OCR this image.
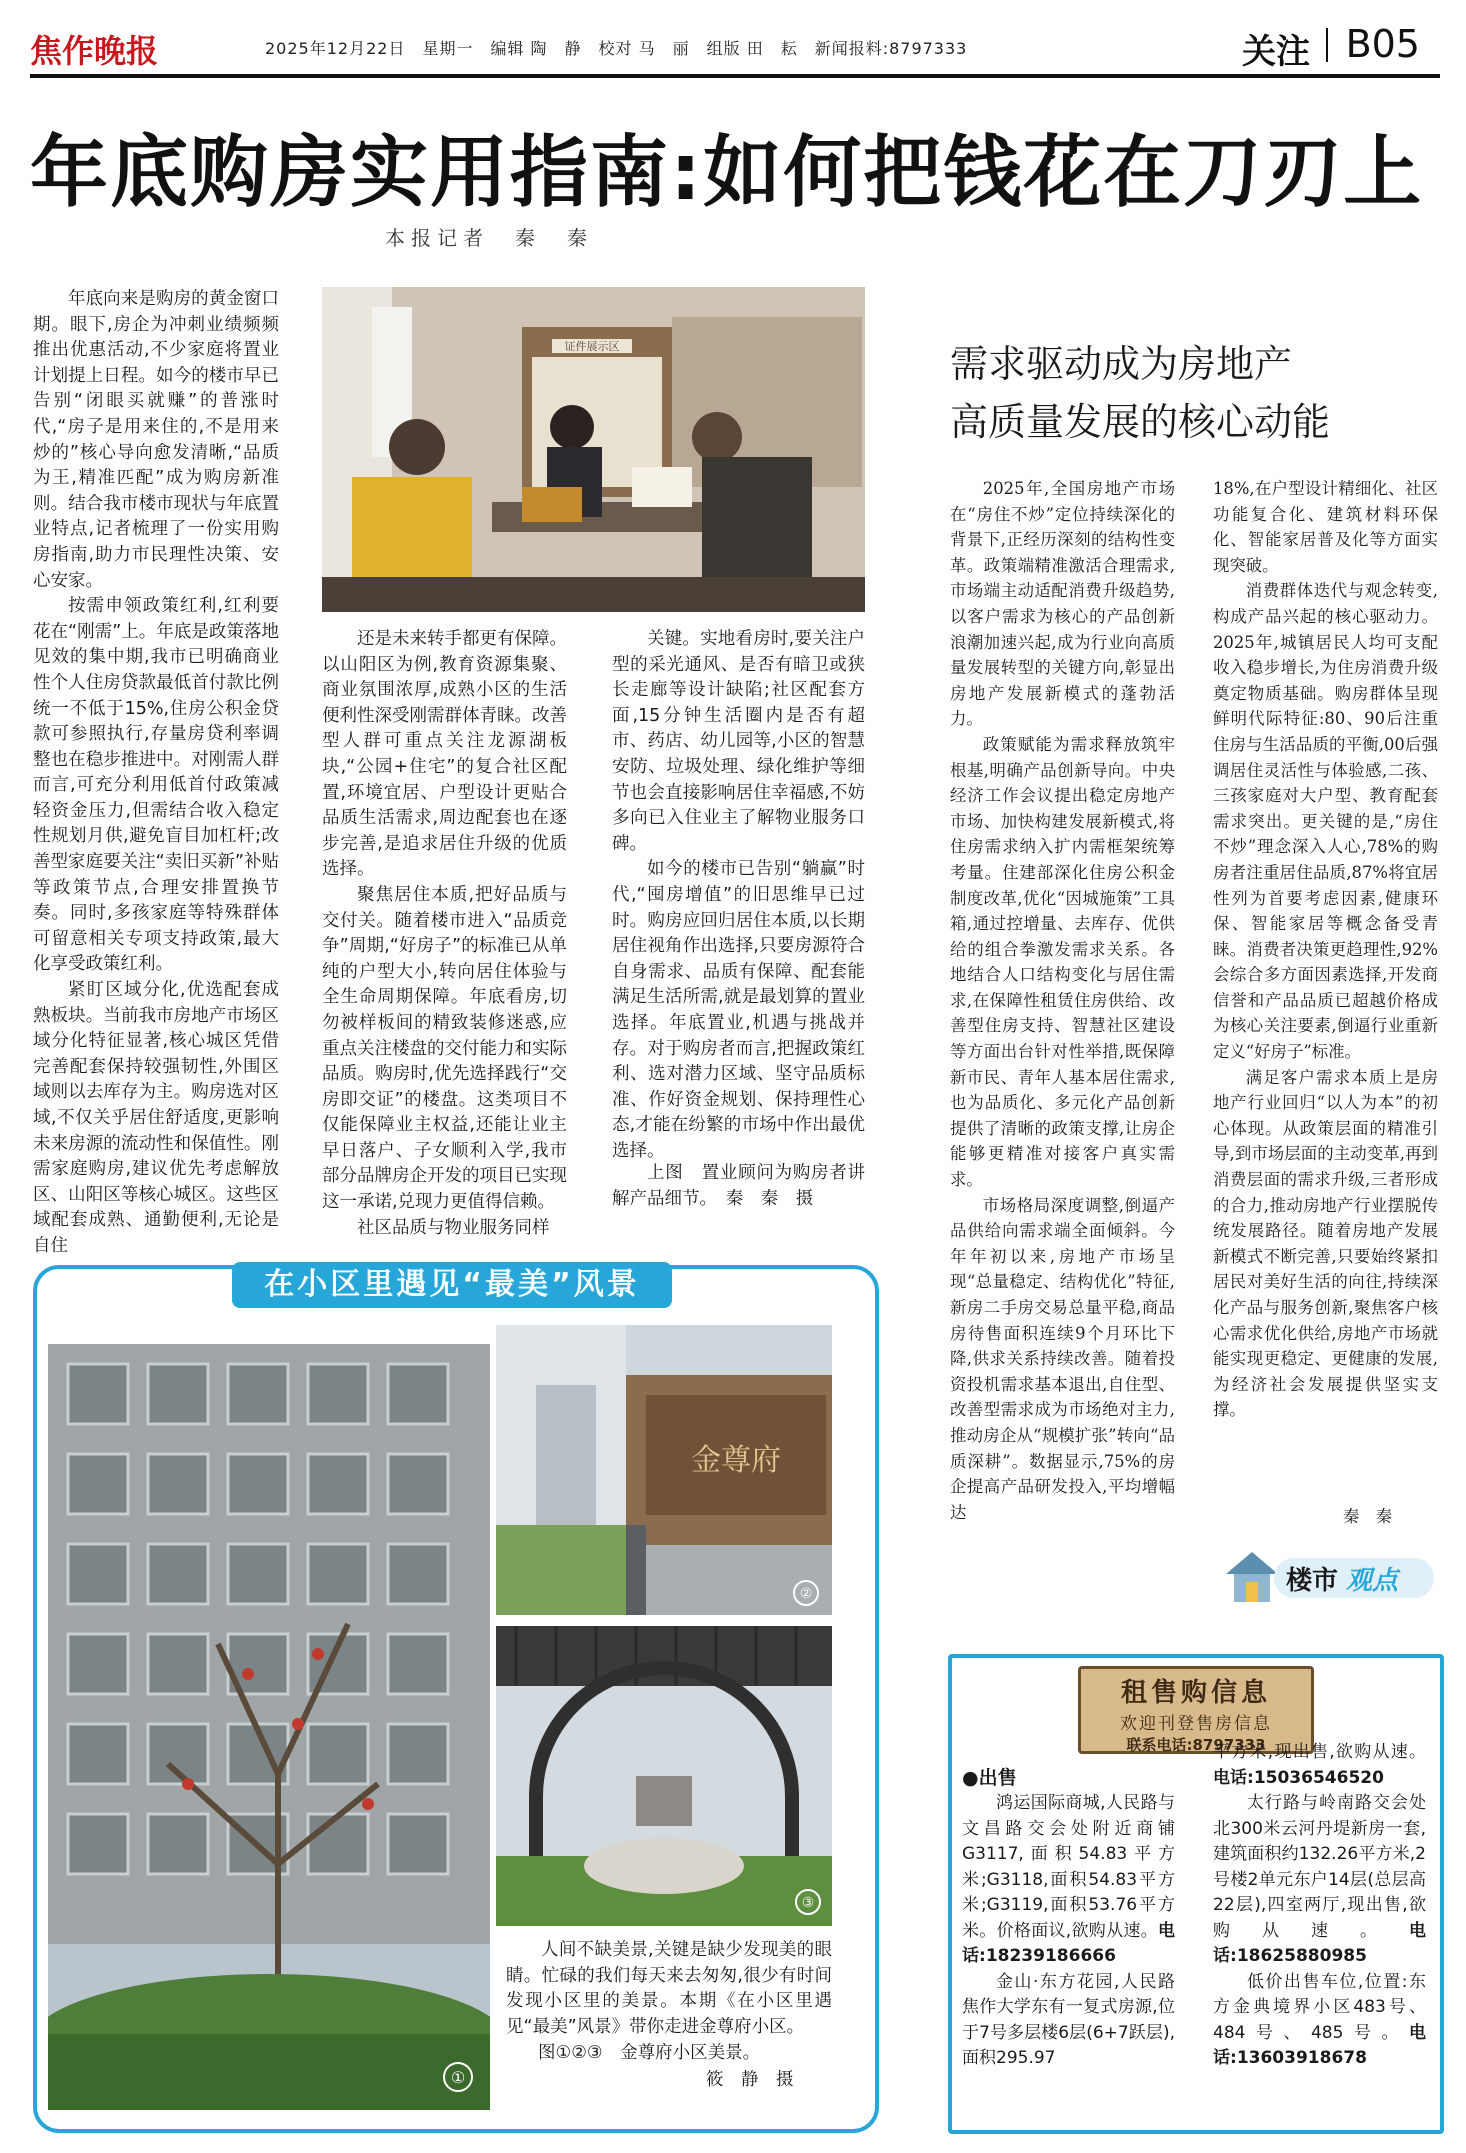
焦作晚报	2025年12月22日　星期一　编辑 陶　静　校对 马　丽　组版 田　耘　新闻报料:8797333	关注 B05
年底购房实用指南:如何把钱花在刀刃上
本报记者　秦　秦

年底向来是购房的黄金窗口期。眼下,房企为冲刺业绩频频推出优惠活动,不少家庭将置业计划提上日程。如今的楼市早已告别“闭眼买就赚”的普涨时代,“房子是用来住的,不是用来炒的”核心导向愈发清晰,“品质为王,精准匹配”成为购房新准则。结合我市楼市现状与年底置业特点,记者梳理了一份实用购房指南,助力市民理性决策、安心安家。

按需申领政策红利,红利要花在“刚需”上。年底是政策落地见效的集中期,我市已明确商业性个人住房贷款最低首付款比例统一不低于15%,住房公积金贷款可参照执行,存量房贷利率调整也在稳步推进中。对刚需人群而言,可充分利用低首付政策减轻资金压力,但需结合收入稳定性规划月供,避免盲目加杠杆;改善型家庭要关注“卖旧买新”补贴等政策节点,合理安排置换节奏。同时,多孩家庭等特殊群体可留意相关专项支持政策,最大化享受政策红利。

紧盯区域分化,优选配套成熟板块。当前我市房地产市场区域分化特征显著,核心城区凭借完善配套保持较强韧性,外围区域则以去库存为主。购房选对区域,不仅关乎居住舒适度,更影响未来房源的流动性和保值性。刚需家庭购房,建议优先考虑解放区、山阳区等核心城区。这些区域配套成熟、通勤便利,无论是自住

还是未来转手都更有保障。以山阳区为例,教育资源集聚、商业氛围浓厚,成熟小区的生活便利性深受刚需群体青睐。改善型人群可重点关注龙源湖板块,“公园+住宅”的复合社区配置,环境宜居、户型设计更贴合品质生活需求,周边配套也在逐步完善,是追求居住升级的优质选择。

聚焦居住本质,把好品质与交付关。随着楼市进入“品质竞争”周期,“好房子”的标准已从单纯的户型大小,转向居住体验与全生命周期保障。年底看房,切勿被样板间的精致装修迷惑,应重点关注楼盘的交付能力和实际品质。购房时,优先选择践行“交房即交证”的楼盘。这类项目不仅能保障业主权益,还能让业主早日落户、子女顺利入学,我市部分品牌房企开发的项目已实现这一承诺,兑现力更值得信赖。

社区品质与物业服务同样

关键。实地看房时,要关注户型的采光通风、是否有暗卫或狭长走廊等设计缺陷;社区配套方面,15分钟生活圈内是否有超市、药店、幼儿园等,小区的智慧安防、垃圾处理、绿化维护等细节也会直接影响居住幸福感,不妨多向已入住业主了解物业服务口碑。

如今的楼市已告别“躺赢”时代,“囤房增值”的旧思维早已过时。购房应回归居住本质,以长期居住视角作出选择,只要房源符合自身需求、品质有保障、配套能满足生活所需,就是最划算的置业选择。年底置业,机遇与挑战并存。对于购房者而言,把握政策红利、选对潜力区域、坚守品质标准、作好资金规划、保持理性心态,才能在纷繁的市场中作出最优选择。

上图　置业顾问为购房者讲解产品细节。　秦　秦　摄
证件展示区	需求驱动成为房地产
高质量发展的核心动能

2025年,全国房地产市场在“房住不炒”定位持续深化的背景下,正经历深刻的结构性变革。政策端精准激活合理需求,市场端主动适配消费升级趋势,以客户需求为核心的产品创新浪潮加速兴起,成为行业向高质量发展转型的关键方向,彰显出房地产发展新模式的蓬勃活力。

政策赋能为需求释放筑牢根基,明确产品创新导向。中央经济工作会议提出稳定房地产市场、加快构建发展新模式,将住房需求纳入扩内需框架统筹考量。住建部深化住房公积金制度改革,优化“因城施策”工具箱,通过控增量、去库存、优供给的组合拳激发需求关系。各地结合人口结构变化与居住需求,在保障性租赁住房供给、改善型住房支持、智慧社区建设等方面出台针对性举措,既保障新市民、青年人基本居住需求,也为品质化、多元化产品创新提供了清晰的政策支撑,让房企能够更精准对接客户真实需求。

市场格局深度调整,倒逼产品供给向需求端全面倾斜。今年年初以来,房地产市场呈现“总量稳定、结构优化”特征,新房二手房交易总量平稳,商品房待售面积连续9个月环比下降,供求关系持续改善。随着投资投机需求基本退出,自住型、改善型需求成为市场绝对主力,推动房企从“规模扩张”转向“品质深耕”。数据显示,75%的房企提高产品研发投入,平均增幅达

18%,在户型设计精细化、社区功能复合化、建筑材料环保化、智能家居普及化等方面实现突破。

消费群体迭代与观念转变,构成产品兴起的核心驱动力。2025年,城镇居民人均可支配收入稳步增长,为住房消费升级奠定物质基础。购房群体呈现鲜明代际特征:80、90后注重住房与生活品质的平衡,00后强调居住灵活性与体验感,二孩、三孩家庭对大户型、教育配套需求突出。更关键的是,“房住不炒”理念深入人心,78%的购房者注重居住品质,87%将宜居性列为首要考虑因素,健康环保、智能家居等概念备受青睐。消费者决策更趋理性,92%会综合多方面因素选择,开发商信誉和产品品质已超越价格成为核心关注要素,倒逼行业重新定义“好房子”标准。

满足客户需求本质上是房地产行业回归“以人为本”的初心体现。从政策层面的精准引导,到市场层面的主动变革,再到消费层面的需求升级,三者形成的合力,推动房地产行业摆脱传统发展路径。随着房地产发展新模式不断完善,只要始终紧扣居民对美好生活的向往,持续深化产品与服务创新,聚焦客户核心需求优化供给,房地产市场就能实现更稳定、更健康的发展,为经济社会发展提供坚实支撑。

秦　秦
楼市 观点
在小区里遇见“最美”风景
①
金尊府
②
③
人间不缺美景,关键是缺少发现美的眼睛。忙碌的我们每天来去匆匆,很少有时间发现小区里的美景。本期《在小区里遇见“最美”风景》带你走进金尊府小区。
图①②③　金尊府小区美景。
筱　静　摄
租售购信息
欢迎刊登售房信息
联系电话:8797333
●出售

鸿运国际商城,人民路与文昌路交会处附近商铺G3117,面积54.83平方米;G3118,面积54.83平方米;G3119,面积53.76平方米。价格面议,欲购从速。电话:18239186666

金山·东方花园,人民路焦作大学东有一复式房源,位于7号多层楼6层(6+7跃层),面积295.97

平方米,现出售,欲购从速。电话:15036546520

太行路与岭南路交会处北300米云河丹堤新房一套,建筑面积约132.26平方米,2号楼2单元东户14层(总层高22层),四室两厅,现出售,欲购从速。电话:18625880985

低价出售车位,位置:东方金典境界小区483号、484号、485号。电话:13603918678
